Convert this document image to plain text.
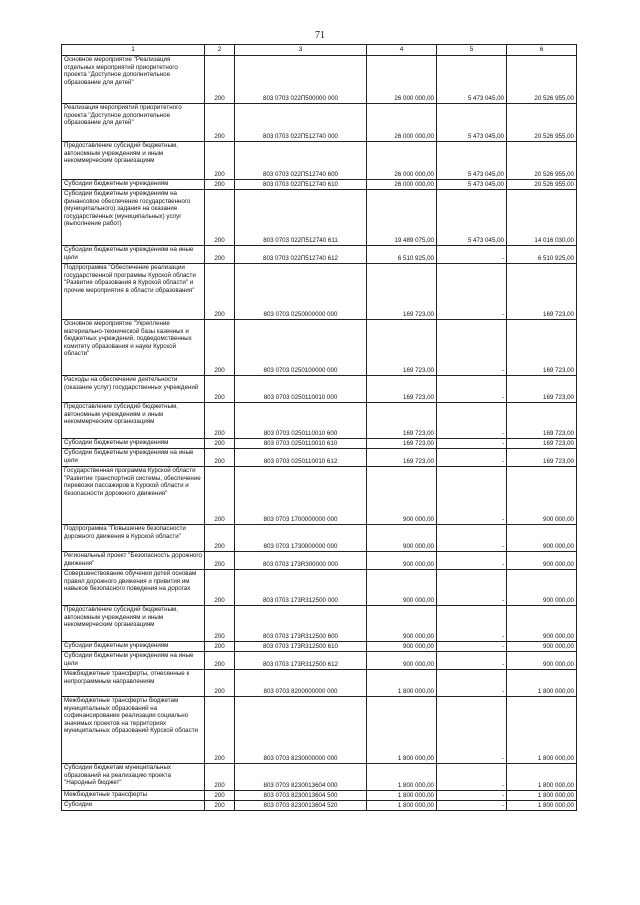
71
1	2	3	4	5	6
Основное мероприятие "Реализация отдельных мероприятий приоритетного проекта "Доступное дополнительное образование для детей"	200	803 0703 022П500000 000	26 000 000,00	5 473 045,00	20 526 955,00
Реализация мероприятий приоритетного проекта "Доступное дополнительное образование для детей"	200	803 0703 022П512740 000	26 000 000,00	5 473 045,00	20 526 955,00
Предоставление субсидий бюджетным, автономным учреждениям и иным некоммерческим организациям	200	803 0703 022П512740 600	26 000 000,00	5 473 045,00	20 526 955,00
Субсидии бюджетным учреждениям	200	803 0703 022П512740 610	26 000 000,00	5 473 045,00	20 526 955,00
Субсидии бюджетным учреждениям на финансовое обеспечение государственного (муниципального) задания на оказание государственных (муниципальных) услуг (выполнение работ)	200	803 0703 022П512740 611	19 489 075,00	5 473 045,00	14 016 030,00
Субсидии бюджетным учреждениям на иные цели	200	803 0703 022П512740 612	6 510 925,00	-	6 510 925,00
Подпрограмма "Обеспечение реализации государственной программы Курской области "Развитие образования в Курской области" и прочие мероприятия в области образования"	200	803 0703 0250000000 000	169 723,00	-	169 723,00
Основное мероприятие "Укрепление материально-технической базы казенных и бюджетных учреждений, подведомственных комитету образования и науки Курской области"	200	803 0703 0250100000 000	169 723,00	-	169 723,00
Расходы на обеспечение деятельности (оказание услуг) государственных учреждений	200	803 0703 0250110010 000	169 723,00	-	169 723,00
Предоставление субсидий бюджетным, автономным учреждениям и иным некоммерческим организациям	200	803 0703 0250110010 600	169 723,00	-	169 723,00
Субсидии бюджетным учреждениям	200	803 0703 0250110010 610	169 723,00	-	169 723,00
Субсидии бюджетным учреждениям на иные цели	200	803 0703 0250110010 612	169 723,00	-	169 723,00
Государственная программа Курской области "Развитие транспортной системы, обеспечение перевозки пассажиров в Курской области и безопасности дорожного движения"	200	803 0703 1700000000 000	900 000,00	-	900 000,00
Подпрограмма "Повышение безопасности дорожного движения в Курской области"	200	803 0703 1730000000 000	900 000,00	-	900 000,00
Региональный проект "Безопасность дорожного движения"	200	803 0703 173R300000 000	900 000,00	-	900 000,00
Совершенствование обучения детей основам правил дорожного движения и привития им навыков безопасного поведения на дорогах	200	803 0703 173R312500 000	900 000,00	-	900 000,00
Предоставление субсидий бюджетным, автономным учреждениям и иным некоммерческим организациям	200	803 0703 173R312500 600	900 000,00	-	900 000,00
Субсидии бюджетным учреждениям	200	803 0703 173R312500 610	900 000,00	-	900 000,00
Субсидии бюджетным учреждениям на иные цели	200	803 0703 173R312500 612	900 000,00	-	900 000,00
Межбюджетные трансферты, отнесенные к непрограммным направлениям	200	803 0703 8200000000 000	1 800 000,00	-	1 800 000,00
Межбюджетные трансферты бюджетам муниципальных образований на софинансирование реализации социально значимых проектов на территориях муниципальных образований Курской области	200	803 0703 8230000000 000	1 800 000,00	-	1 800 000,00
Субсидии бюджетам муниципальных образований на реализацию проекта "Народный бюджет"	200	803 0703 8230013604 000	1 800 000,00	-	1 800 000,00
Межбюджетные трансферты	200	803 0703 8230013604 500	1 800 000,00	-	1 800 000,00
Субсидии	200	803 0703 8230013604 520	1 800 000,00	-	1 800 000,00
